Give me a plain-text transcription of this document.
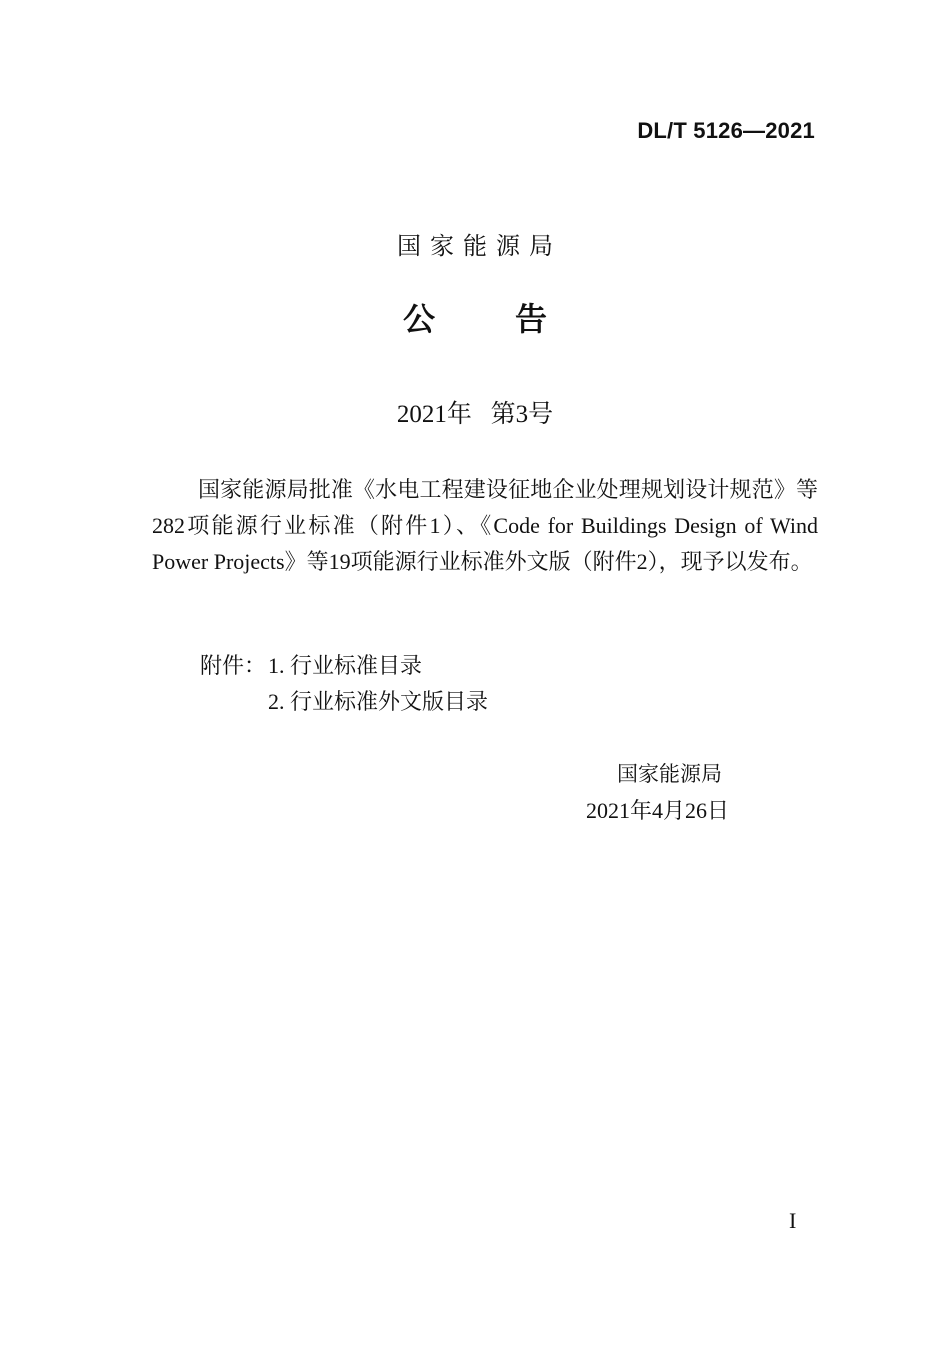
DL/T 5126—2021
国家能源局
公告
2021年 第3号
国家能源局批准《水电工程建设征地企业处理规划设计规范》等282项能源行业标准（附件1）、《Code for Buildings Design of Wind Power Projects》等19项能源行业标准外文版（附件2），现予以发布。
附件： 1. 行业标准目录
2. 行业标准外文版目录
国家能源局
2021年4月26日
I
